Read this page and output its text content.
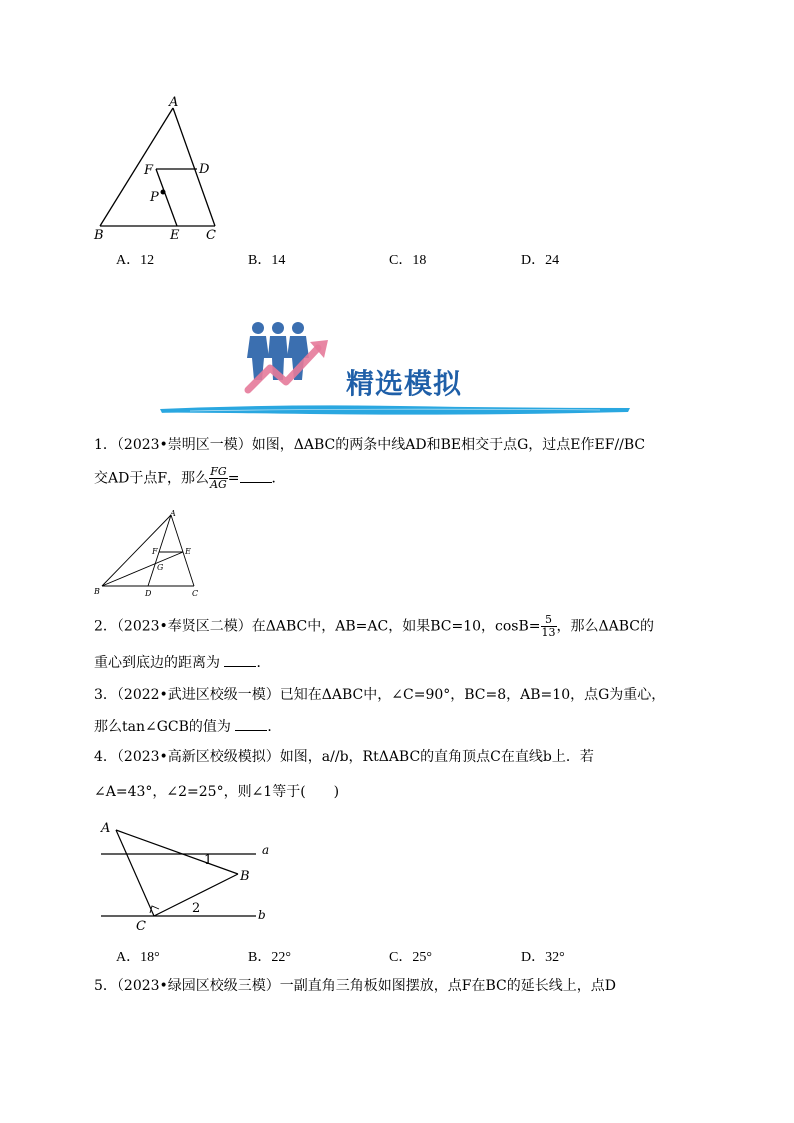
A
F	D
P
B	E C
A．12	B．14	C．18	D．24
精选模拟
1．（2023•崇明区一模）如图，ΔABC的两条中线AD和BE相交于点G，过点E作EF//BC
交AD于点F，那么 $\frac{FG}{AG}$ = ．
A
F	E
G
B	D	C
2．（2023•奉贤区二模）在ΔABC中，AB=AC，如果BC=10，$\cos B= \frac{5}{13}$ ，那么ΔABC的
重心到底边的距离为	．
3．（2022•武进区校级一模）已知在ΔABC中，∠C=90°，BC=8，AB=10，点G为重心，
那么tan∠GCB的值为	．
4．（2023•高新区校级模拟）如图，a//b，RtΔABC的直角顶点C在直线b上．若
∠A=43°，∠2=25°，则∠1等于(　　)
A
1
a
B
2	b
C
A．18°	B．22°	C．25°	D．32°
5．（2023•绿园区校级三模）一副直角三角板如图摆放，点F在BC的延长线上，点D
